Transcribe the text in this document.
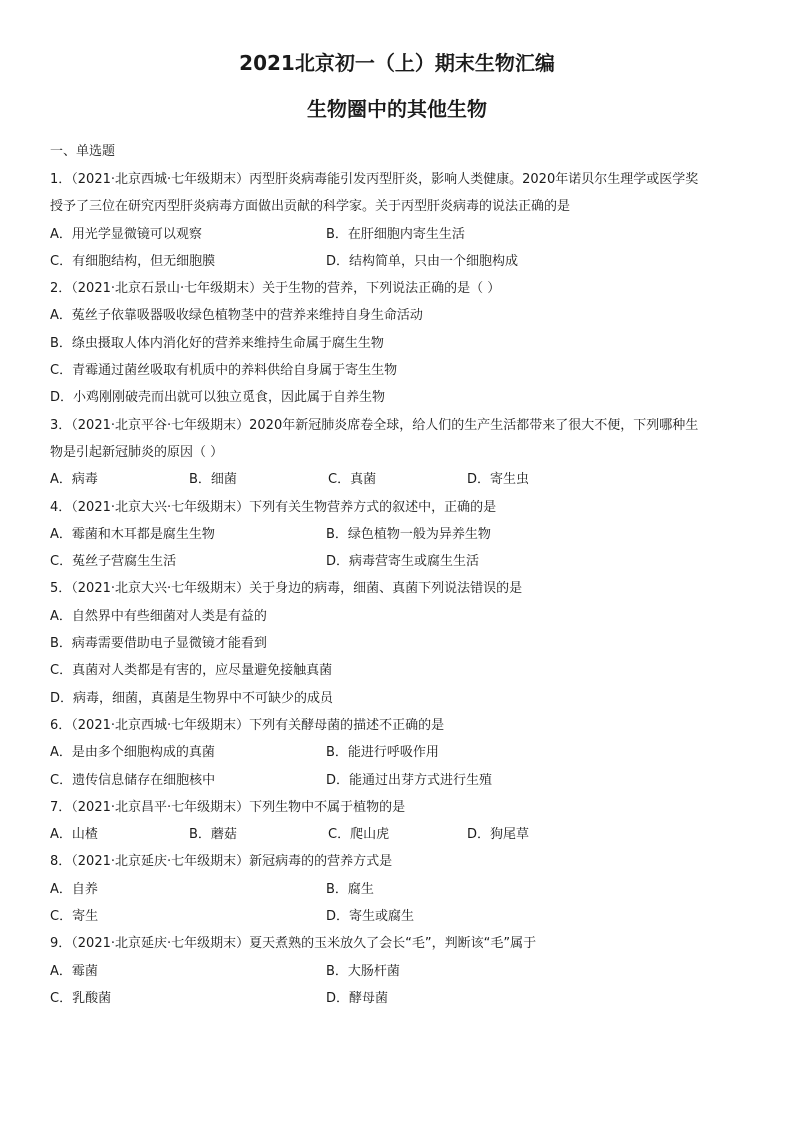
2021北京初一（上）期末生物汇编
生物圈中的其他生物
一、单选题
1．（2021·北京西城·七年级期末）丙型肝炎病毒能引发丙型肝炎，影响人类健康。2020年诺贝尔生理学或医学奖
授予了三位在研究丙型肝炎病毒方面做出贡献的科学家。关于丙型肝炎病毒的说法正确的是
A．用光学显微镜可以观察	B．在肝细胞内寄生生活
C．有细胞结构，但无细胞膜	D．结构简单，只由一个细胞构成
2．（2021·北京石景山·七年级期末）关于生物的营养，下列说法正确的是（ ）
A．菟丝子依靠吸器吸收绿色植物茎中的营养来维持自身生命活动
B．绦虫摄取人体内消化好的营养来维持生命属于腐生生物
C．青霉通过菌丝吸取有机质中的养料供给自身属于寄生生物
D．小鸡刚刚破壳而出就可以独立觅食，因此属于自养生物
3．（2021·北京平谷·七年级期末）2020年新冠肺炎席卷全球，给人们的生产生活都带来了很大不便，下列哪种生
物是引起新冠肺炎的原因（ ）
A．病毒	B．细菌	C．真菌	D．寄生虫
4．（2021·北京大兴·七年级期末）下列有关生物营养方式的叙述中，正确的是
A．霉菌和木耳都是腐生生物	B．绿色植物一般为异养生物
C．菟丝子营腐生生活	D．病毒营寄生或腐生生活
5．（2021·北京大兴·七年级期末）关于身边的病毒，细菌、真菌下列说法错误的是
A．自然界中有些细菌对人类是有益的
B．病毒需要借助电子显微镜才能看到
C．真菌对人类都是有害的，应尽量避免接触真菌
D．病毒，细菌，真菌是生物界中不可缺少的成员
6．（2021·北京西城·七年级期末）下列有关酵母菌的描述不正确的是
A．是由多个细胞构成的真菌	B．能进行呼吸作用
C．遗传信息储存在细胞核中	D．能通过出芽方式进行生殖
7．（2021·北京昌平·七年级期末）下列生物中不属于植物的是
A．山楂	B．蘑菇	C．爬山虎	D．狗尾草
8．（2021·北京延庆·七年级期末）新冠病毒的的营养方式是
A．自养	B．腐生
C．寄生	D．寄生或腐生
9．（2021·北京延庆·七年级期末）夏天煮熟的玉米放久了会长“毛”，判断该“毛”属于
A．霉菌	B．大肠杆菌
C．乳酸菌	D．酵母菌
